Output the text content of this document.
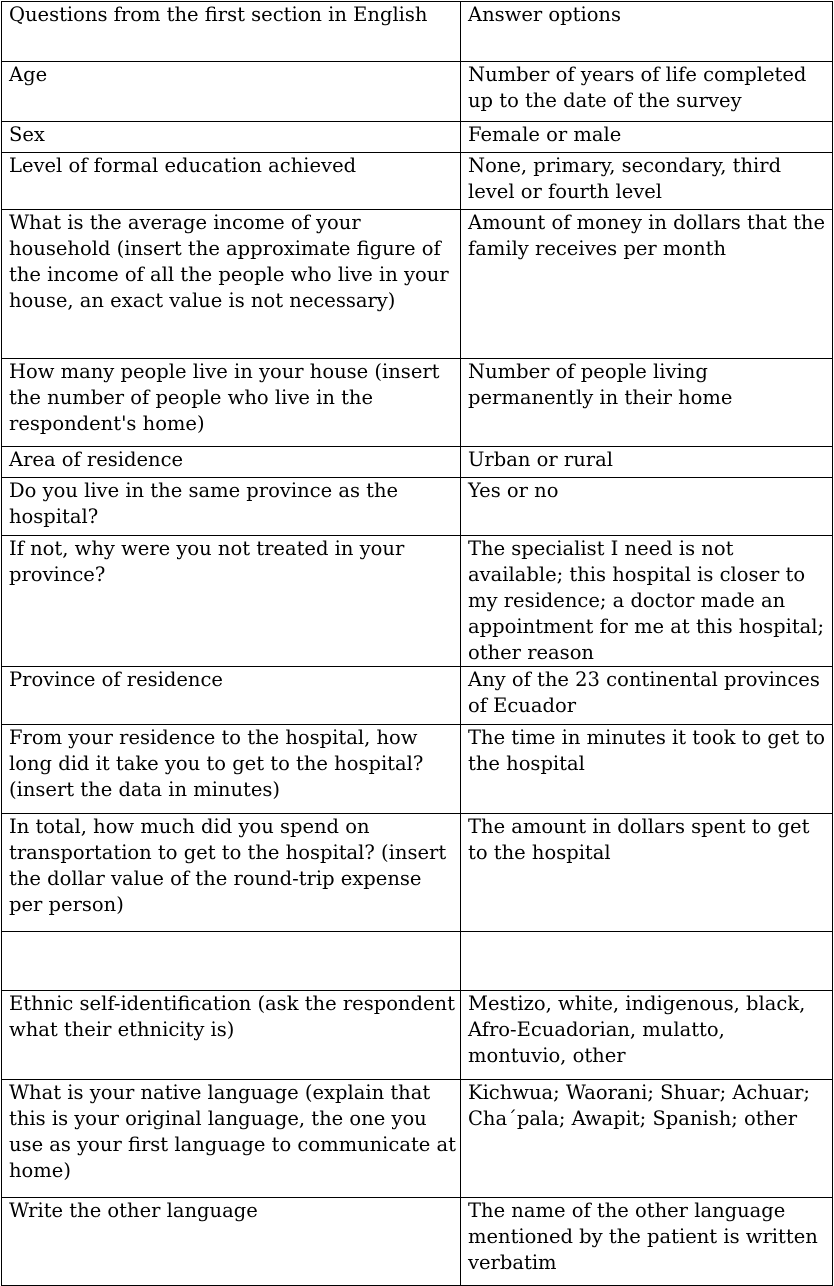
Questions from the first section in English	Answer options
Age	Number of years of life completed up to the date of the survey
Sex	Female or male
Level of formal education achieved	None, primary, secondary, third level or fourth level
What is the average income of your household (insert the approximate figure of the income of all the people who live in your house, an exact value is not necessary)	Amount of money in dollars that the family receives per month
How many people live in your house (insert the number of people who live in the respondent's home)	Number of people living permanently in their home
Area of residence	Urban or rural
Do you live in the same province as the hospital?	Yes or no
If not, why were you not treated in your province?	The specialist I need is not available; this hospital is closer to my residence; a doctor made an appointment for me at this hospital; other reason
Province of residence	Any of the 23 continental provinces of Ecuador
From your residence to the hospital, how long did it take you to get to the hospital? (insert the data in minutes)	The time in minutes it took to get to the hospital
In total, how much did you spend on transportation to get to the hospital? (insert the dollar value of the round-trip expense per person)	The amount in dollars spent to get to the hospital

Ethnic self-identification (ask the respondent what their ethnicity is)	Mestizo, white, indigenous, black, Afro-Ecuadorian, mulatto, montuvio, other
What is your native language (explain that this is your original language, the one you use as your first language to communicate at home)	Kichwua; Waorani; Shuar; Achuar; Cha´pala; Awapit; Spanish; other
Write the other language	The name of the other language mentioned by the patient is written verbatim
